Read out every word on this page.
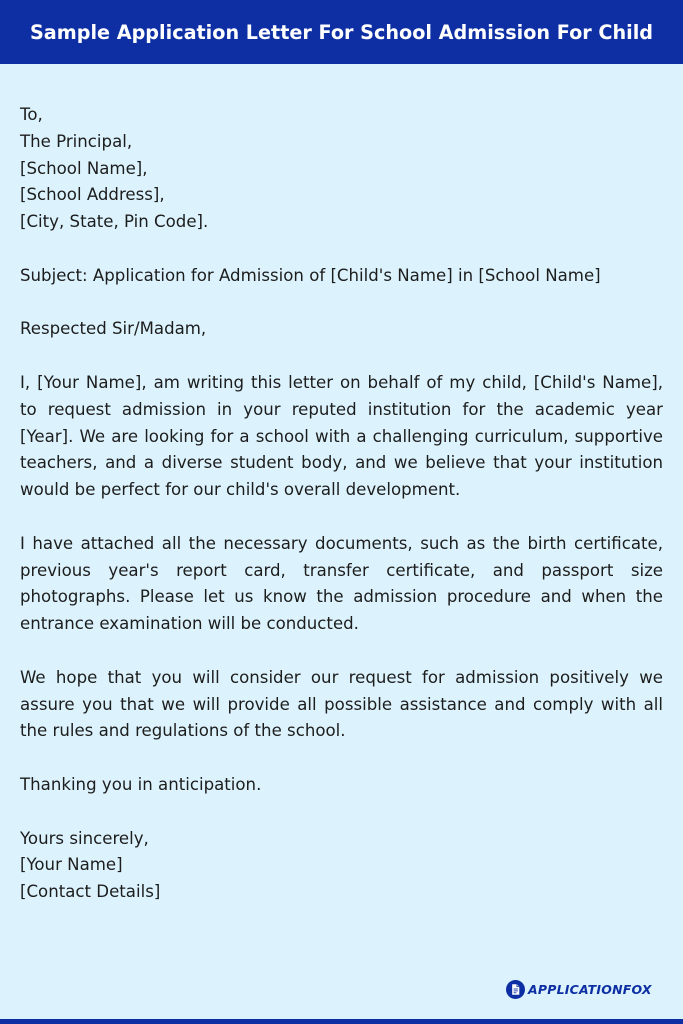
Sample Application Letter For School Admission For Child

To,
The Principal,
[School Name],
[School Address],
[City, State, Pin Code].

Subject: Application for Admission of [Child's Name] in [School Name]

Respected Sir/Madam,

I, [Your Name], am writing this letter on behalf of my child, [Child's Name], to request admission in your reputed institution for the academic year [Year]. We are looking for a school with a challenging curriculum, supportive teachers, and a diverse student body, and we believe that your institution would be perfect for our child's overall development.

I have attached all the necessary documents, such as the birth certificate, previous year's report card, transfer certificate, and passport size photographs. Please let us know the admission procedure and when the entrance examination will be conducted.

We hope that you will consider our request for admission positively we assure you that we will provide all possible assistance and comply with all the rules and regulations of the school.

Thanking you in anticipation.

Yours sincerely,
[Your Name]
[Contact Details]

APPLICATIONFOX
